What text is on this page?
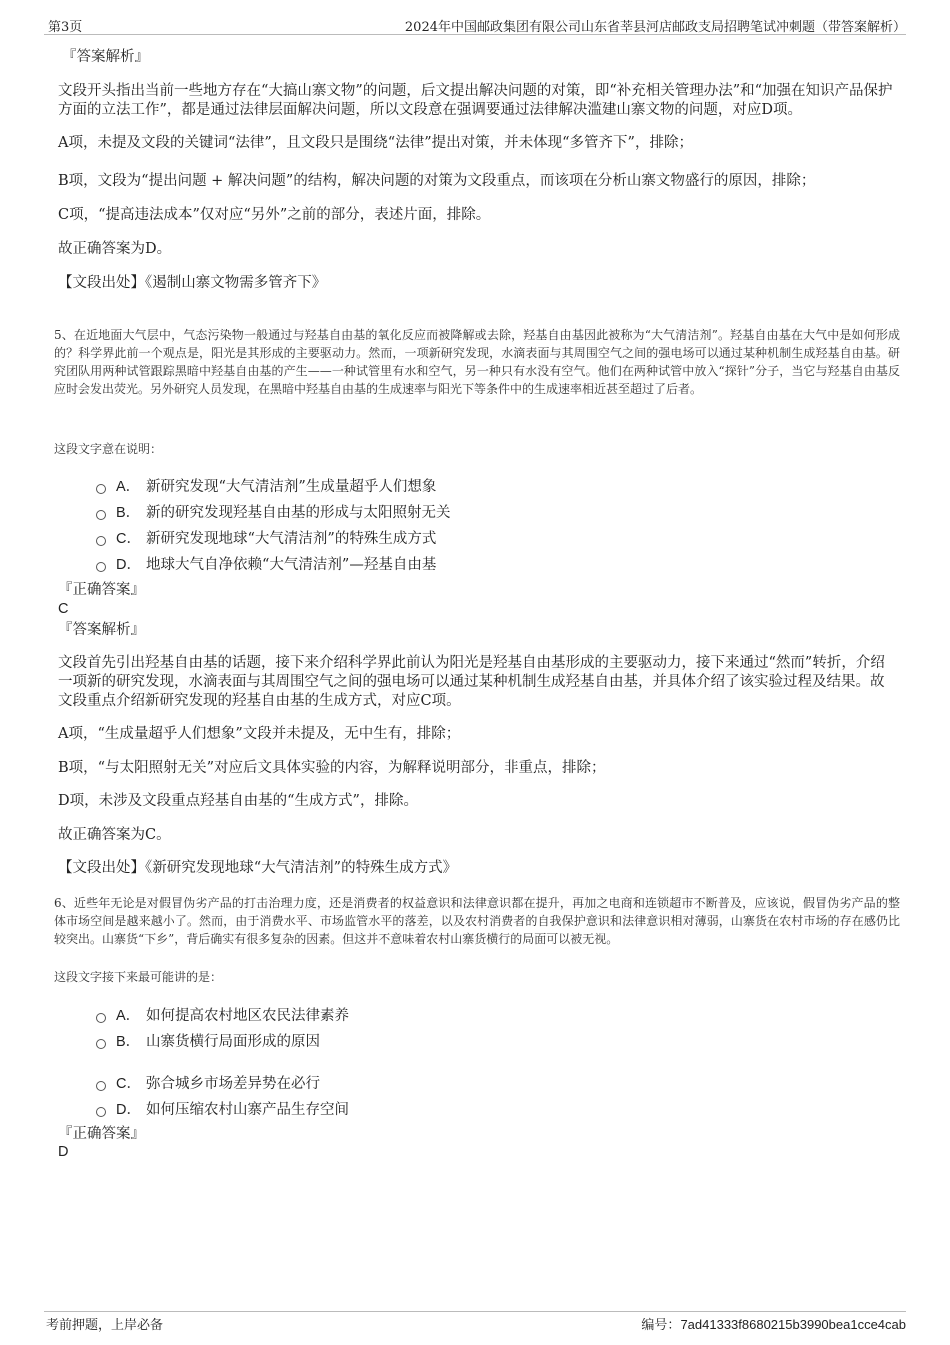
第3页	2024年中国邮政集团有限公司山东省莘县河店邮政支局招聘笔试冲刺题（带答案解析）
『答案解析』
文段开头指出当前一些地方存在“大搞山寨文物”的问题，后文提出解决问题的对策，即“补充相关管理办法”和“加强在知识产品保护方面的立法工作”，都是通过法律层面解决问题，所以文段意在强调要通过法律解决滥建山寨文物的问题，对应D项。
A项，未提及文段的关键词“法律”，且文段只是围绕“法律”提出对策，并未体现“多管齐下”，排除；
B项，文段为“提出问题 + 解决问题”的结构，解决问题的对策为文段重点，而该项在分析山寨文物盛行的原因，排除；
C项，“提高违法成本”仅对应“另外”之前的部分，表述片面，排除。
故正确答案为D。
【文段出处】《遏制山寨文物需多管齐下》
5、在近地面大气层中，气态污染物一般通过与羟基自由基的氧化反应而被降解或去除，羟基自由基因此被称为“大气清洁剂”。羟基自由基在大气中是如何形成的？科学界此前一个观点是，阳光是其形成的主要驱动力。然而，一项新研究发现，水滴表面与其周围空气之间的强电场可以通过某种机制生成羟基自由基。研究团队用两种试管跟踪黑暗中羟基自由基的产生——一种试管里有水和空气，另一种只有水没有空气。他们在两种试管中放入“探针”分子，当它与羟基自由基反应时会发出荧光。另外研究人员发现，在黑暗中羟基自由基的生成速率与阳光下等条件中的生成速率相近甚至超过了后者。
这段文字意在说明：
A． 新研究发现“大气清洁剂”生成量超乎人们想象
B． 新的研究发现羟基自由基的形成与太阳照射无关
C． 新研究发现地球“大气清洁剂”的特殊生成方式
D． 地球大气自净依赖“大气清洁剂”—羟基自由基
『正确答案』
C
『答案解析』
文段首先引出羟基自由基的话题，接下来介绍科学界此前认为阳光是羟基自由基形成的主要驱动力，接下来通过“然而”转折，介绍一项新的研究发现，水滴表面与其周围空气之间的强电场可以通过某种机制生成羟基自由基，并具体介绍了该实验过程及结果。故文段重点介绍新研究发现的羟基自由基的生成方式，对应C项。
A项，“生成量超乎人们想象”文段并未提及，无中生有，排除；
B项，“与太阳照射无关”对应后文具体实验的内容，为解释说明部分，非重点，排除；
D项，未涉及文段重点羟基自由基的“生成方式”，排除。
故正确答案为C。
【文段出处】《新研究发现地球“大气清洁剂”的特殊生成方式》
6、近些年无论是对假冒伪劣产品的打击治理力度，还是消费者的权益意识和法律意识都在提升，再加之电商和连锁超市不断普及，应该说，假冒伪劣产品的整体市场空间是越来越小了。然而，由于消费水平、市场监管水平的落差，以及农村消费者的自我保护意识和法律意识相对薄弱，山寨货在农村市场的存在感仍比较突出。山寨货“下乡”，背后确实有很多复杂的因素。但这并不意味着农村山寨货横行的局面可以被无视。
这段文字接下来最可能讲的是：
A． 如何提高农村地区农民法律素养
B． 山寨货横行局面形成的原因
C． 弥合城乡市场差异势在必行
D． 如何压缩农村山寨产品生存空间
『正确答案』
D
考前押题，上岸必备	编号：7ad41333f8680215b3990bea1cce4cab
